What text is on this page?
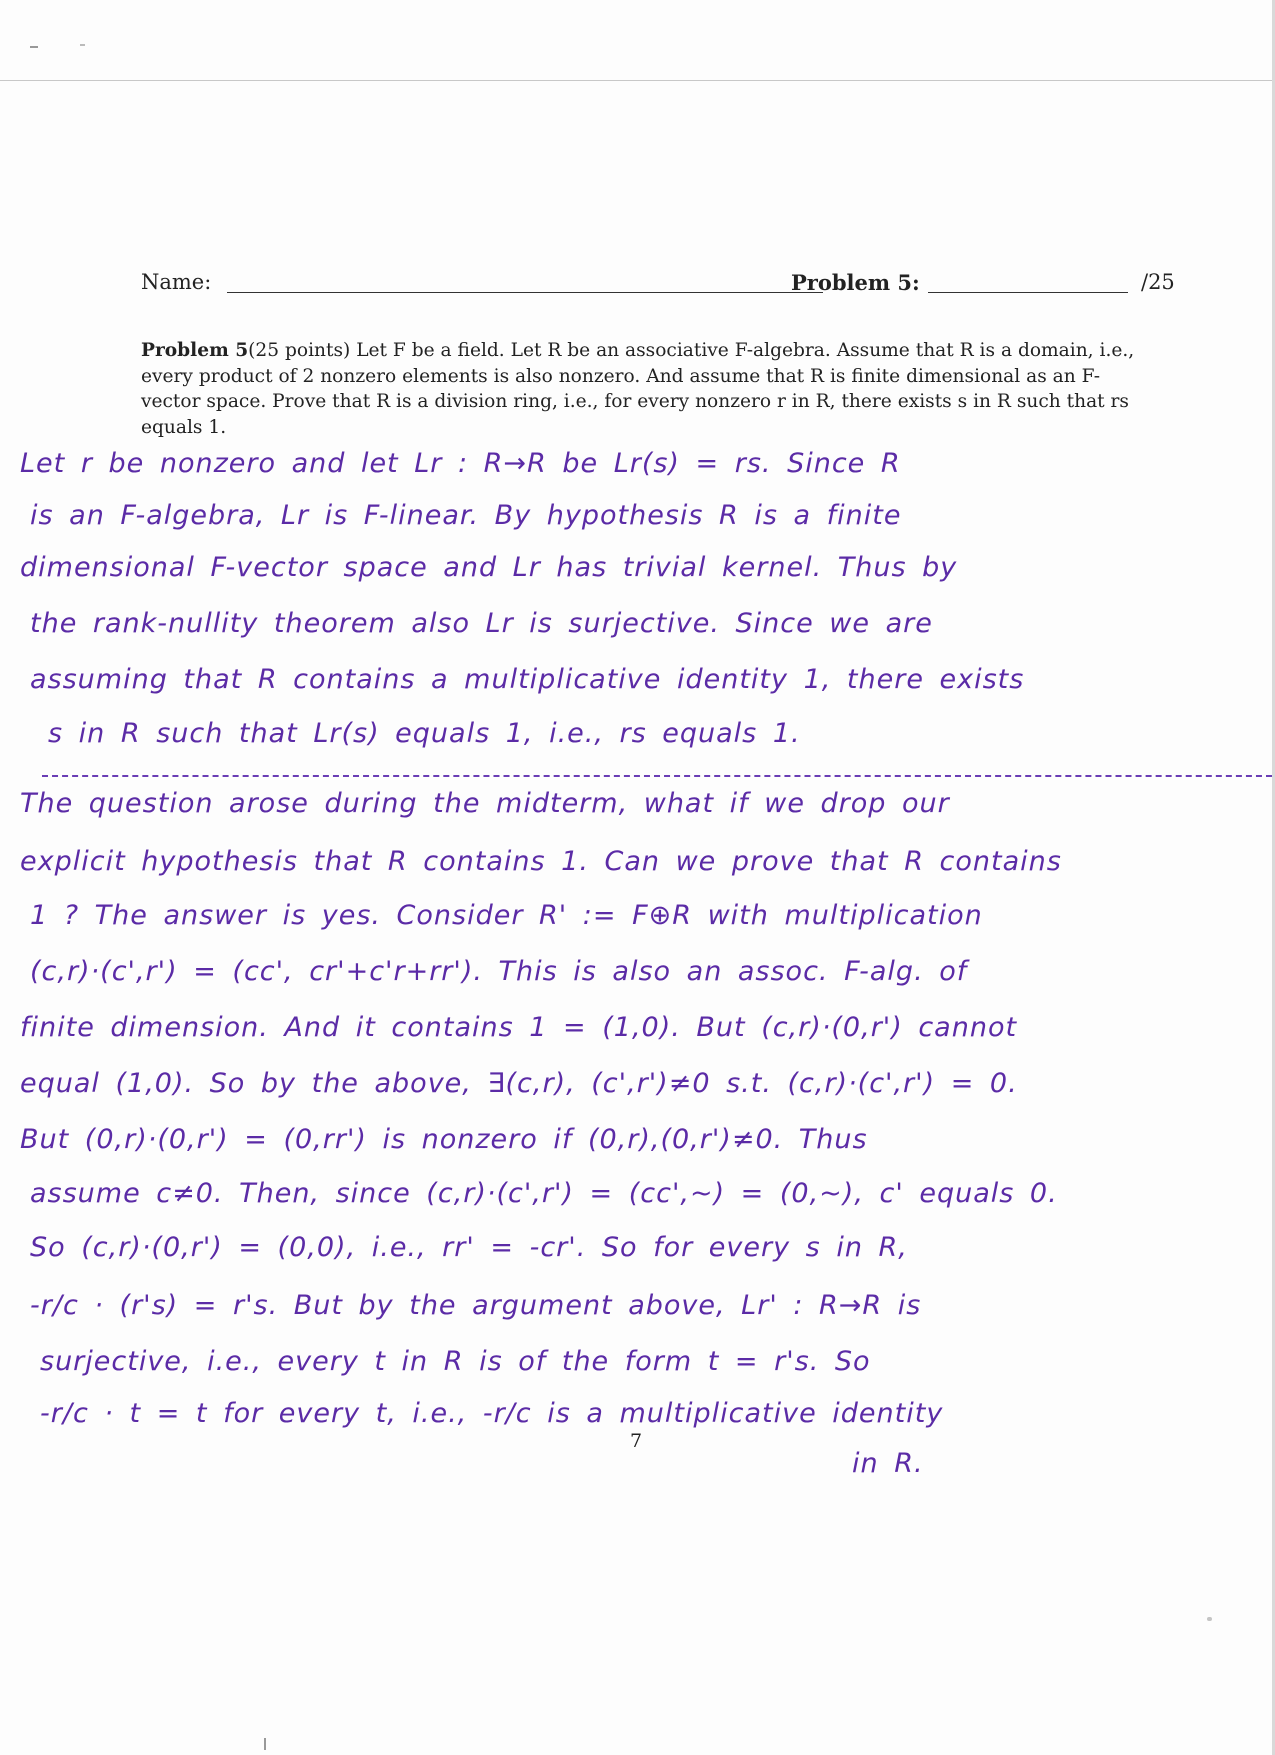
Name:	Problem 5:	/25
Problem 5(25 points) Let F be a field. Let R be an associative F-algebra. Assume that R is a domain, i.e., every product of 2 nonzero elements is also nonzero. And assume that R is finite dimensional as an F-vector space. Prove that R is a division ring, i.e., for every nonzero r in R, there exists s in R such that rs equals 1.
Let r be nonzero and let Lr : R→R be Lr(s) = rs. Since R
is an F-algebra, Lr is F-linear. By hypothesis R is a finite
dimensional F-vector space and Lr has trivial kernel. Thus by
the rank-nullity theorem also Lr is surjective. Since we are
assuming that R contains a multiplicative identity 1, there exists
s in R such that Lr(s) equals 1, i.e., rs equals 1.
The question arose during the midterm, what if we drop our
explicit hypothesis that R contains 1. Can we prove that R contains
1 ? The answer is yes. Consider R' := F⊕R with multiplication
(c,r)·(c',r') = (cc', cr'+c'r+rr'). This is also an assoc. F-alg. of
finite dimension. And it contains 1 = (1,0). But (c,r)·(0,r') cannot
equal (1,0). So by the above, ∃(c,r), (c',r')≠0 s.t. (c,r)·(c',r') = 0.
But (0,r)·(0,r') = (0,rr') is nonzero if (0,r),(0,r')≠0. Thus
assume c≠0. Then, since (c,r)·(c',r') = (cc',~) = (0,~), c' equals 0.
So (c,r)·(0,r') = (0,0), i.e., rr' = -cr'. So for every s in R,
-r/c · (r's) = r's. But by the argument above, Lr' : R→R is
surjective, i.e., every t in R is of the form t = r's. So
-r/c · t = t for every t, i.e., -r/c is a multiplicative identity
in R.
7
